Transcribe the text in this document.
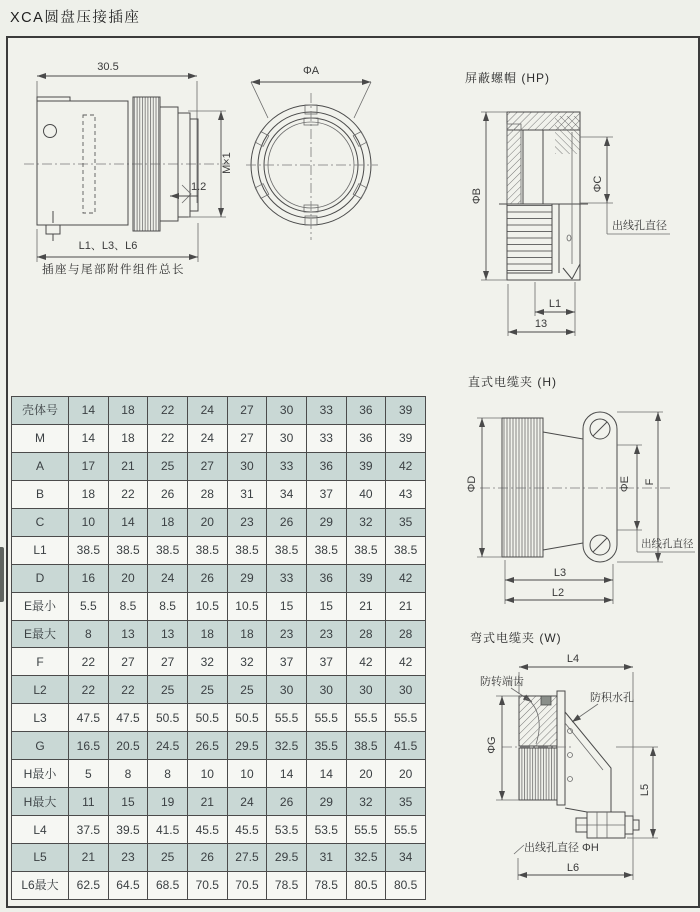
XCA圆盘压接插座
30.5
M×1
1.2
L1、L3、L6
插座与尾部附件组件总长
ΦA	屏蔽螺帽 (HP)
ΦB
ΦC
出线孔直径
L1
13
直式电缆夹 (H)
ΦD	ΦE F
出线孔直径
L3
L2
弯式电缆夹 (W)
L4
防转端齿
防积水孔
ΦG
L5
出线孔直径 ΦH
L6
壳体号	14	18	22	24	27	30	33	36	39
M	14	18	22	24	27	30	33	36	39
A	17	21	25	27	30	33	36	39	42
B	18	22	26	28	31	34	37	40	43
C	10	14	18	20	23	26	29	32	35
L1	38.5	38.5	38.5	38.5	38.5	38.5	38.5	38.5	38.5
D	16	20	24	26	29	33	36	39	42
E最小	5.5	8.5	8.5	10.5	10.5	15	15	21	21
E最大	8	13	13	18	18	23	23	28	28
F	22	27	27	32	32	37	37	42	42
L2	22	22	25	25	25	30	30	30	30
L3	47.5	47.5	50.5	50.5	50.5	55.5	55.5	55.5	55.5
G	16.5	20.5	24.5	26.5	29.5	32.5	35.5	38.5	41.5
H最小	5	8	8	10	10	14	14	20	20
H最大	11	15	19	21	24	26	29	32	35
L4	37.5	39.5	41.5	45.5	45.5	53.5	53.5	55.5	55.5
L5	21	23	25	26	27.5	29.5	31	32.5	34
L6最大	62.5	64.5	68.5	70.5	70.5	78.5	78.5	80.5	80.5
